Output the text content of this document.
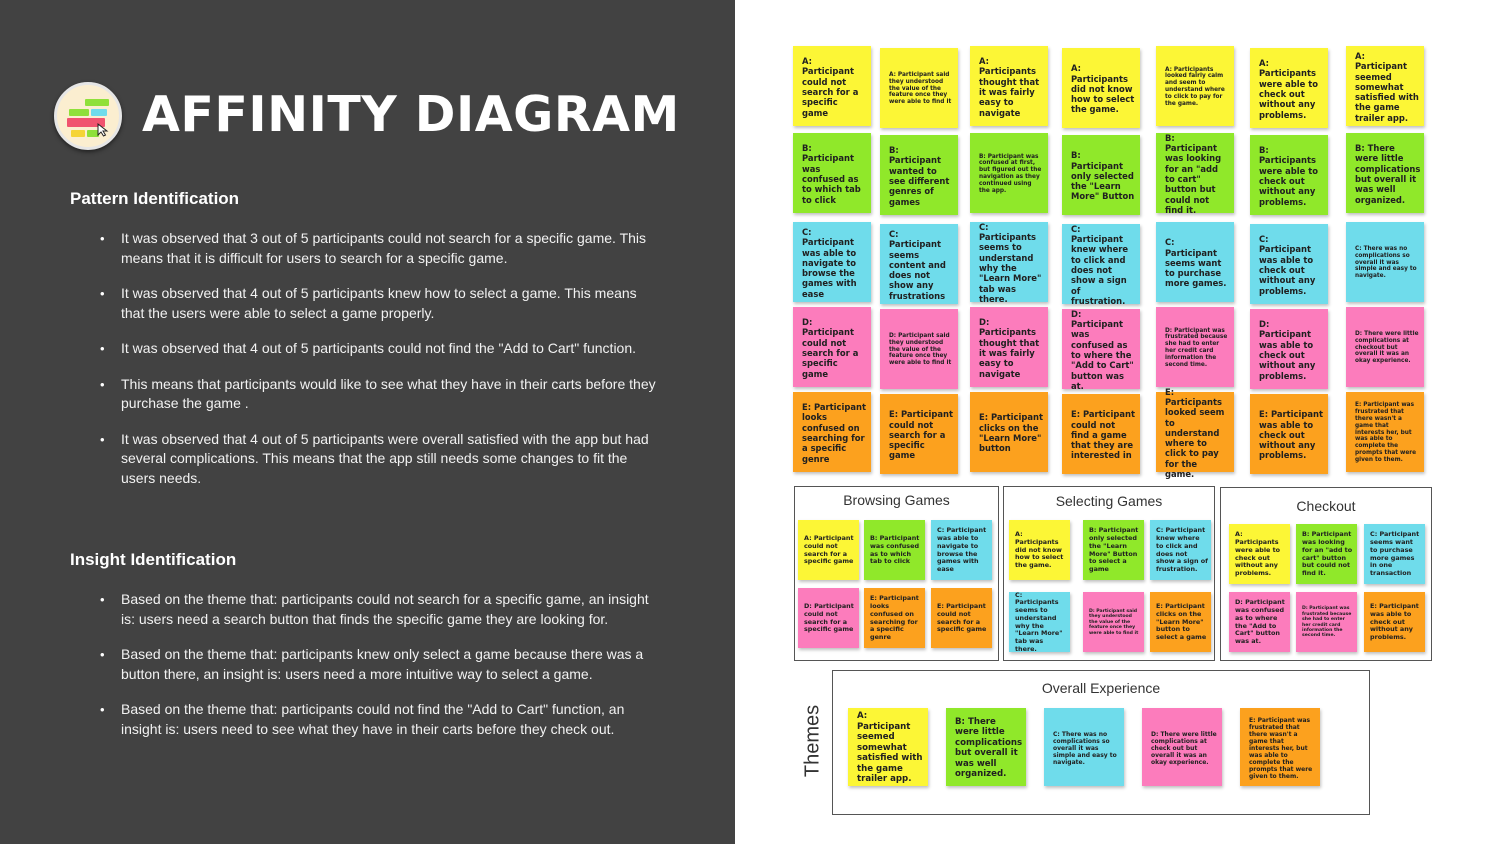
AFFINITY DIAGRAM
Pattern Identification
• It was observed that 3 out of 5 participants could not search for a specific game. This means that it is difficult for users to search for a specific game.
• It was observed that 4 out of 5 participants knew how to select a game. This means that the users were able to select a game properly.
• It was observed that 4 out of 5 participants could not find the "Add to Cart" function.
• This means that participants would like to see what they have in their carts before they purchase the game .
• It was observed that 4 out of 5 participants were overall satisfied with the app but had several complications. This means that the app still needs some changes to fit the users needs.
Insight Identification
• Based on the theme that: participants could not search for a specific game, an insight is: users need a search button that finds the specific game they are looking for.
• Based on the theme that: participants knew only select a game because there was a button there, an insight is: users need a more intuitive way to select a game.
• Based on the theme that: participants could not find the "Add to Cart" function, an insight is: users need to see what they have in their carts before they check out.
A: Participant could not search for a specific game
A: Participant said they understood the value of the feature once they were able to find it
A: Participants thought that it was fairly easy to navigate
A: Participants did not know how to select the game.
A: Participants looked fairly calm and seem to understand where to click to pay for the game.
A: Participants were able to check out without any problems.
A: Participant seemed somewhat satisfied with the game trailer app.
B: Participant was confused as to which tab to click
B: Participant wanted to see different genres of games
B: Participant was confused at first, but figured out the navigation as they continued using the app.
B: Participant only selected the "Learn More" Button
B: Participant was looking for an "add to cart" button but could not find it.
B: Participants were able to check out without any problems.
B: There were little complications but overall it was well organized.
C: Participant was able to navigate to browse the games with ease
C: Participant seems content and does not show any frustrations
C: Participants seems to understand why the "Learn More" tab was there.
C: Participant knew where to click and does not show a sign of frustration.
C: Participant seems want to purchase more games.
C: Participant was able to check out without any problems.
C: There was no complications so overall it was simple and easy to navigate.
D: Participant could not search for a specific game
D: Participant said they understood the value of the feature once they were able to find it
D: Participants thought that it was fairly easy to navigate
D: Participant was confused as to where the "Add to Cart" button was at.
D: Participant was frustrated because she had to enter her credit card information the second time.
D: Participant was able to check out without any problems.
D: There were little complications at checkout but overall it was an okay experience.
E: Participant looks confused on searching for a specific genre
E: Participant could not search for a specific game
E: Participant clicks on the "Learn More" button
E: Participant could not find a game that they are interested in
E: Participants looked seem to understand where to click to pay for the game.
E: Participant was able to check out without any problems.
E: Participant was frustrated that there wasn't a game that interests her, but was able to complete the prompts that were given to them.
Browsing Games	Selecting Games	Checkout
A: Participant could not search for a specific game
B: Participant was confused as to which tab to click
C: Participant was able to navigate to browse the games with ease
D: Participant could not search for a specific game
E: Participant looks confused on searching for a specific genre
E: Participant could not search for a specific game
A: Participants did not know how to select the game.
B: Participant only selected the "Learn More" Button to select a game
C: Participant knew where to click and does not show a sign of frustration.
C: Participants seems to understand why the "Learn More" tab was there.
D: Participant said they understood the value of the feature once they were able to find it
E: Participant clicks on the "Learn More" button to select a game
A: Participants were able to check out without any problems.
B: Participant was looking for an "add to cart" button but could not find it.
C: Participant seems want to purchase more games in one transaction
D: Participant was confused as to where the "Add to Cart" button was at.
D: Participant was frustrated because she had to enter her credit card information the second time.
E: Participant was able to check out without any problems.
Themes
Overall Experience
A: Participant seemed somewhat satisfied with the game trailer app.
B: There were little complications but overall it was well organized.
C: There was no complications so overall it was simple and easy to navigate.
D: There were little complications at check out but overall it was an okay experience.
E: Participant was frustrated that there wasn't a game that interests her, but was able to complete the prompts that were given to them.
